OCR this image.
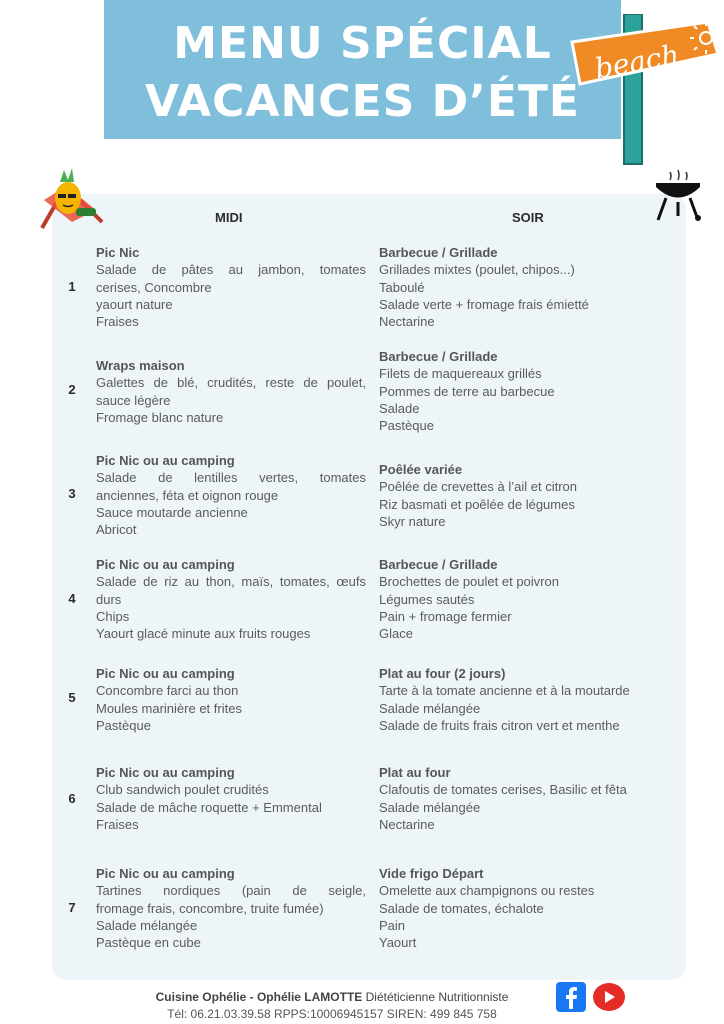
MENU SPÉCIAL
VACANCES D’ÉTÉ
beach
MIDI	SOIR
1
Pic Nic
Salade de pâtes au jambon, tomates
cerises, Concombre
yaourt nature
Fraises
Barbecue / Grillade
Grillades mixtes (poulet, chipos...)
Taboulé
Salade verte + fromage frais émietté
Nectarine
2
Wraps maison
Galettes de blé, crudités, reste de poulet,
sauce légère
Fromage blanc nature
Barbecue / Grillade
Filets de maquereaux grillés
Pommes de terre au barbecue
Salade
Pastèque
3
Pic Nic ou au camping
Salade de lentilles vertes, tomates
anciennes, féta et oignon rouge
Sauce moutarde ancienne
Abricot
Poêlée variée
Poêlée de crevettes à l’ail et citron
Riz basmati et poêlée de légumes
Skyr nature
4
Pic Nic ou au camping
Salade de riz au thon, maïs, tomates, œufs
durs
Chips
Yaourt glacé minute aux fruits rouges
Barbecue / Grillade
Brochettes de poulet et poivron
Légumes sautés
Pain + fromage fermier
Glace
5
Pic Nic ou au camping
Concombre farci au thon
Moules marinière et frites
Pastèque
Plat au four (2 jours)
Tarte à la tomate ancienne et à la moutarde
Salade mélangée
Salade de fruits frais citron vert et menthe
6
Pic Nic ou au camping
Club sandwich poulet crudités
Salade de mâche roquette + Emmental
Fraises
Plat au four
Clafoutis de tomates cerises, Basilic et fêta
Salade mélangée
Nectarine
7
Pic Nic ou au camping
Tartines nordiques (pain de seigle,
fromage frais, concombre, truite fumée)
Salade mélangée
Pastèque en cube
Vide frigo Départ
Omelette aux champignons ou restes
Salade de tomates, échalote
Pain
Yaourt
Cuisine Ophélie - Ophélie LAMOTTE Diététicienne Nutritionniste
Tél: 06.21.03.39.58 RPPS:10006945157 SIREN: 499 845 758
